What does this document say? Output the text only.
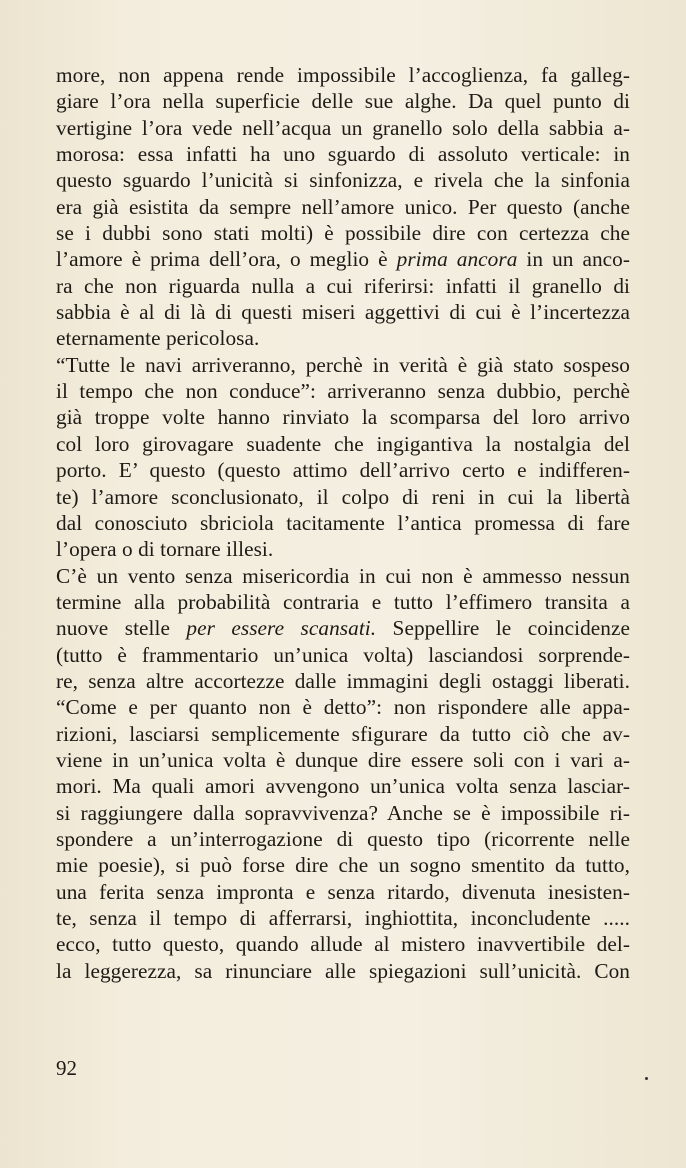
more, non appena rende impossibile l’accoglienza, fa galleg-
giare l’ora nella superficie delle sue alghe. Da quel punto di
vertigine l’ora vede nell’acqua un granello solo della sabbia a-
morosa: essa infatti ha uno sguardo di assoluto verticale: in
questo sguardo l’unicità si sinfonizza, e rivela che la sinfonia
era già esistita da sempre nell’amore unico. Per questo (anche
se i dubbi sono stati molti) è possibile dire con certezza che
l’amore è prima dell’ora, o meglio è prima ancora in un anco-
ra che non riguarda nulla a cui riferirsi: infatti il granello di
sabbia è al di là di questi miseri aggettivi di cui è l’incertezza
eternamente pericolosa.
“Tutte le navi arriveranno, perchè in verità è già stato sospeso
il tempo che non conduce”: arriveranno senza dubbio, perchè
già troppe volte hanno rinviato la scomparsa del loro arrivo
col loro girovagare suadente che ingigantiva la nostalgia del
porto. E’ questo (questo attimo dell’arrivo certo e indifferen-
te) l’amore sconclusionato, il colpo di reni in cui la libertà
dal conosciuto sbriciola tacitamente l’antica promessa di fare
l’opera o di tornare illesi.
C’è un vento senza misericordia in cui non è ammesso nessun
termine alla probabilità contraria e tutto l’effimero transita a
nuove stelle per essere scansati. Seppellire le coincidenze
(tutto è frammentario un’unica volta) lasciandosi sorprende-
re, senza altre accortezze dalle immagini degli ostaggi liberati.
“Come e per quanto non è detto”: non rispondere alle appa-
rizioni, lasciarsi semplicemente sfigurare da tutto ciò che av-
viene in un’unica volta è dunque dire essere soli con i vari a-
mori. Ma quali amori avvengono un’unica volta senza lasciar-
si raggiungere dalla sopravvivenza? Anche se è impossibile ri-
spondere a un’interrogazione di questo tipo (ricorrente nelle
mie poesie), si può forse dire che un sogno smentito da tutto,
una ferita senza impronta e senza ritardo, divenuta inesisten-
te, senza il tempo di afferrarsi, inghiottita, inconcludente .....
ecco, tutto questo, quando allude al mistero inavvertibile del-
la leggerezza, sa rinunciare alle spiegazioni sull’unicità. Con
92
